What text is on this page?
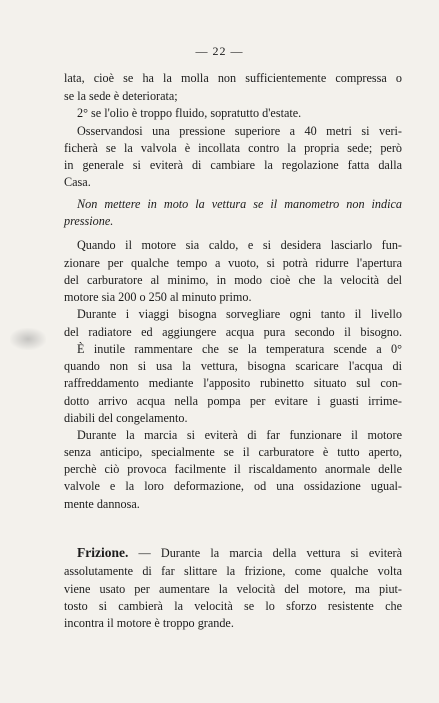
— 22 —
lata, cioè se ha la molla non sufficientemente compressa o
se la sede è deteriorata;
2° se l'olio è troppo fluido, sopratutto d'estate.
Osservandosi una pressione superiore a 40 metri si veri-
ficherà se la valvola è incollata contro la propria sede; però
in generale si eviterà di cambiare la regolazione fatta dalla
Casa.
Non mettere in moto la vettura se il manometro non indica
pressione.
Quando il motore sia caldo, e si desidera lasciarlo fun-
zionare per qualche tempo a vuoto, si potrà ridurre l'apertura
del carburatore al minimo, in modo cioè che la velocità del
motore sia 200 o 250 al minuto primo.
Durante i viaggi bisogna sorvegliare ogni tanto il livello
del radiatore ed aggiungere acqua pura secondo il bisogno.
È inutile rammentare che se la temperatura scende a 0°
quando non si usa la vettura, bisogna scaricare l'acqua di
raffreddamento mediante l'apposito rubinetto situato sul con-
dotto arrivo acqua nella pompa per evitare i guasti irrime-
diabili del congelamento.
Durante la marcia si eviterà di far funzionare il motore
senza anticipo, specialmente se il carburatore è tutto aperto,
perchè ciò provoca facilmente il riscaldamento anormale delle
valvole e la loro deformazione, od una ossidazione ugual-
mente dannosa.
Frizione. — Durante la marcia della vettura si eviterà
assolutamente di far slittare la frizione, come qualche volta
viene usato per aumentare la velocità del motore, ma piut-
tosto si cambierà la velocità se lo sforzo resistente che
incontra il motore è troppo grande.
